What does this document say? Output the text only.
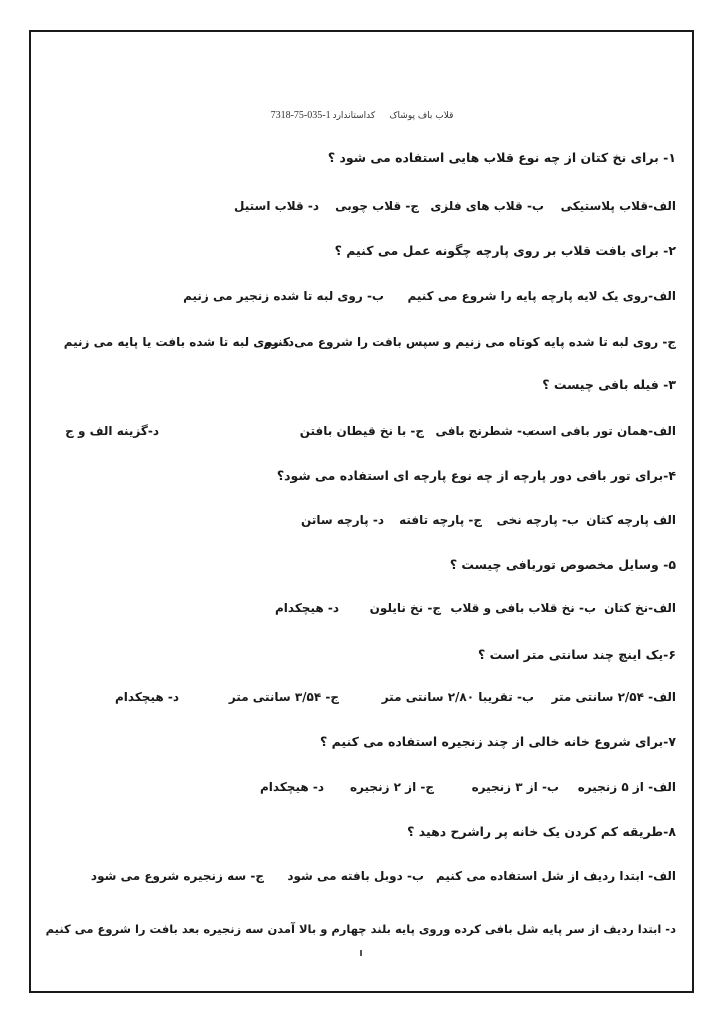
قلاب باف پوشاک     کداستاندارد7318-75-035-1
۱- برای نخ کتان از چه نوع قلاب هایی استفاده می شود ؟
الف-قلاب پلاستیکی
ب- قلاب های فلزی
ج- قلاب چوبی
د- قلاب استیل
۲- برای بافت قلاب بر روی پارچه چگونه عمل می کنیم ؟
الف-روی یک لایه پارچه پایه را شروع می کنیم
ب- روی لبه تا شده زنجیر می زنیم
ج- روی لبه تا شده پایه کوتاه می زنیم و سپس بافت را شروع می کنیم
د- روی لبه تا شده بافت یا پایه می زنیم
۳- فیله بافی چیست ؟
الف-همان تور بافی است
ب- شطرنج بافی
ج- با نخ قیطان بافتن
د-گزینه الف و ج
۴-برای تور بافی دور پارچه از چه نوع پارچه ای استفاده می شود؟
الف پارچه کتان
ب- پارچه نخی
ج- پارچه تافته
د- پارچه ساتن
۵- وسایل مخصوص توربافی چیست ؟
الف-نخ کتان
ب- نخ قلاب بافی و قلاب
ج- نخ نایلون
د- هیچکدام
۶-یک اینچ چند سانتی متر است ؟
الف- ۲/۵۴ سانتی متر
ب- تقریبا ۲/۸۰ سانتی متر
ج- ۳/۵۴ سانتی متر
د- هیچکدام
۷-برای شروع خانه خالی از چند زنجیره استفاده می کنیم ؟
الف- از ۵ زنجیره
ب- از ۳ زنجیره
ج- از ۲ زنجیره
د- هیچکدام
۸-طریقه کم کردن یک خانه پر راشرح دهید ؟
الف- ابتدا ردیف از شل استفاده می کنیم
ب- دوبل بافته می شود
ج- سه زنجیره شروع می شود
د- ابتدا ردیف از سر پایه شل بافی کرده وروی پایه بلند چهارم و بالا آمدن سه زنجیره بعد بافت را شروع می کنیم
